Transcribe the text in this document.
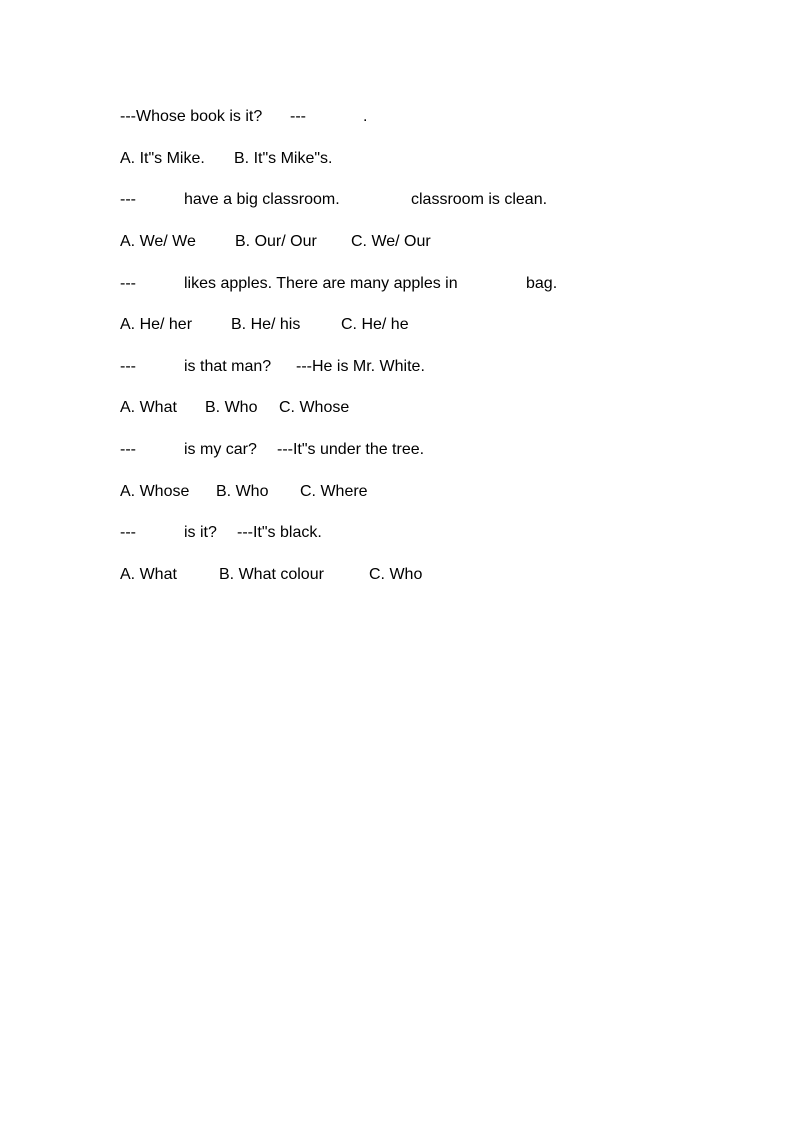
---Whose book is it? ---	.
A. It"s Mike. B. It"s Mike"s.
---	have a big classroom.	classroom is clean.
A. We/ We B. Our/ Our C. We/ Our
---	likes apples. There are many apples in	bag.
A. He/ her B. He/ his	C. He/ he
---	is that man? ---He is Mr. White.
A. What B. Who C. Whose
---	is my car? ---It"s under the tree.
A. Whose B. Who C. Where
---	is it? ---It"s black.
A. What	B. What colour	C. Who
